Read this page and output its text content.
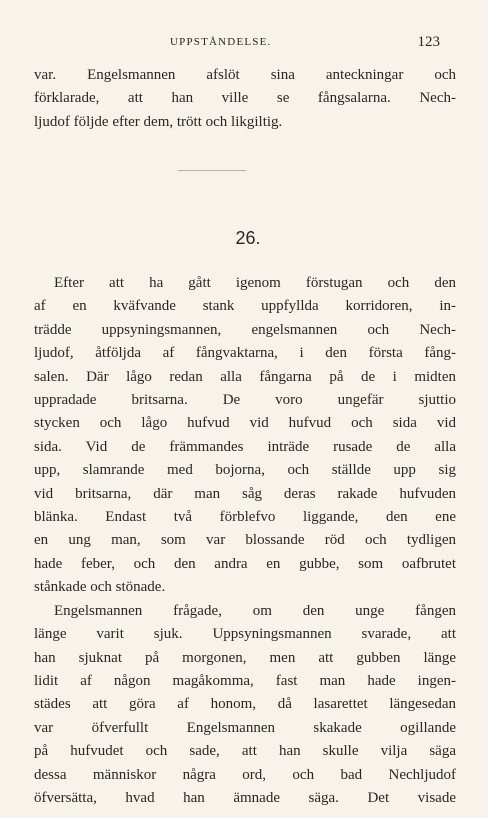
UPPSTÅNDELSE.	123
var. Engelsmannen afslöt sina anteckningar och
förklarade, att han ville se fångsalarna. Nech-
ljudof följde efter dem, trött och likgiltig.
26.
Efter att ha gått igenom förstugan och den
af en kväfvande stank uppfyllda korridoren, in-
trädde uppsyningsmannen, engelsmannen och Nech-
ljudof, åtföljda af fångvaktarna, i den första fång-
salen. Där lågo redan alla fångarna på de i midten
uppradade britsarna. De voro ungefär sjuttio
stycken och lågo hufvud vid hufvud och sida vid
sida. Vid de främmandes inträde rusade de alla
upp, slamrande med bojorna, och ställde upp sig
vid britsarna, där man såg deras rakade hufvuden
blänka. Endast två förblefvo liggande, den ene
en ung man, som var blossande röd och tydligen
hade feber, och den andra en gubbe, som oafbrutet
stånkade och stönade.
Engelsmannen frågade, om den unge fången
länge varit sjuk. Uppsyningsmannen svarade, att
han sjuknat på morgonen, men att gubben länge
lidit af någon magåkomma, fast man hade ingen-
städes att göra af honom, då lasarettet längesedan
var öfverfullt Engelsmannen skakade ogillande
på hufvudet och sade, att han skulle vilja säga
dessa människor några ord, och bad Nechljudof
öfversätta, hvad han ämnade säga. Det visade
